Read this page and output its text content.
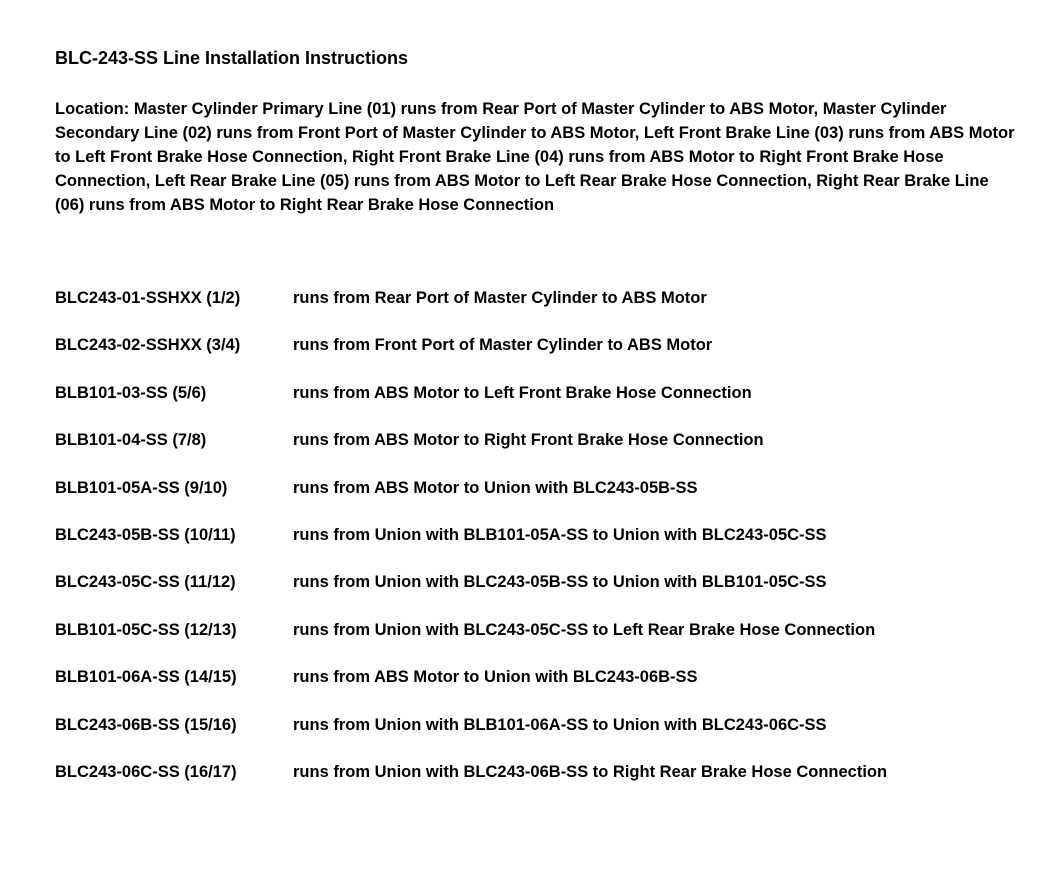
BLC-243-SS Line Installation Instructions

Location: Master Cylinder Primary Line (01) runs from Rear Port of Master Cylinder to ABS Motor, Master Cylinder Secondary Line (02) runs from Front Port of Master Cylinder to ABS Motor, Left Front Brake Line (03) runs from ABS Motor to Left Front Brake Hose Connection, Right Front Brake Line (04) runs from ABS Motor to Right Front Brake Hose Connection, Left Rear Brake Line (05) runs from ABS Motor to Left Rear Brake Hose Connection, Right Rear Brake Line (06) runs from ABS Motor to Right Rear Brake Hose Connection

BLC243-01-SSHXX (1/2)	runs from Rear Port of Master Cylinder to ABS Motor
BLC243-02-SSHXX (3/4)	runs from Front Port of Master Cylinder to ABS Motor
BLB101-03-SS (5/6)	runs from ABS Motor to Left Front Brake Hose Connection
BLB101-04-SS (7/8)	runs from ABS Motor to Right Front Brake Hose Connection
BLB101-05A-SS (9/10)	runs from ABS Motor to Union with BLC243-05B-SS
BLC243-05B-SS (10/11)	runs from Union with BLB101-05A-SS to Union with BLC243-05C-SS
BLC243-05C-SS (11/12)	runs from Union with BLC243-05B-SS to Union with BLB101-05C-SS
BLB101-05C-SS (12/13)	runs from Union with BLC243-05C-SS to Left Rear Brake Hose Connection
BLB101-06A-SS (14/15)	runs from ABS Motor to Union with BLC243-06B-SS
BLC243-06B-SS (15/16)	runs from Union with BLB101-06A-SS to Union with BLC243-06C-SS
BLC243-06C-SS (16/17)	runs from Union with BLC243-06B-SS to Right Rear Brake Hose Connection
